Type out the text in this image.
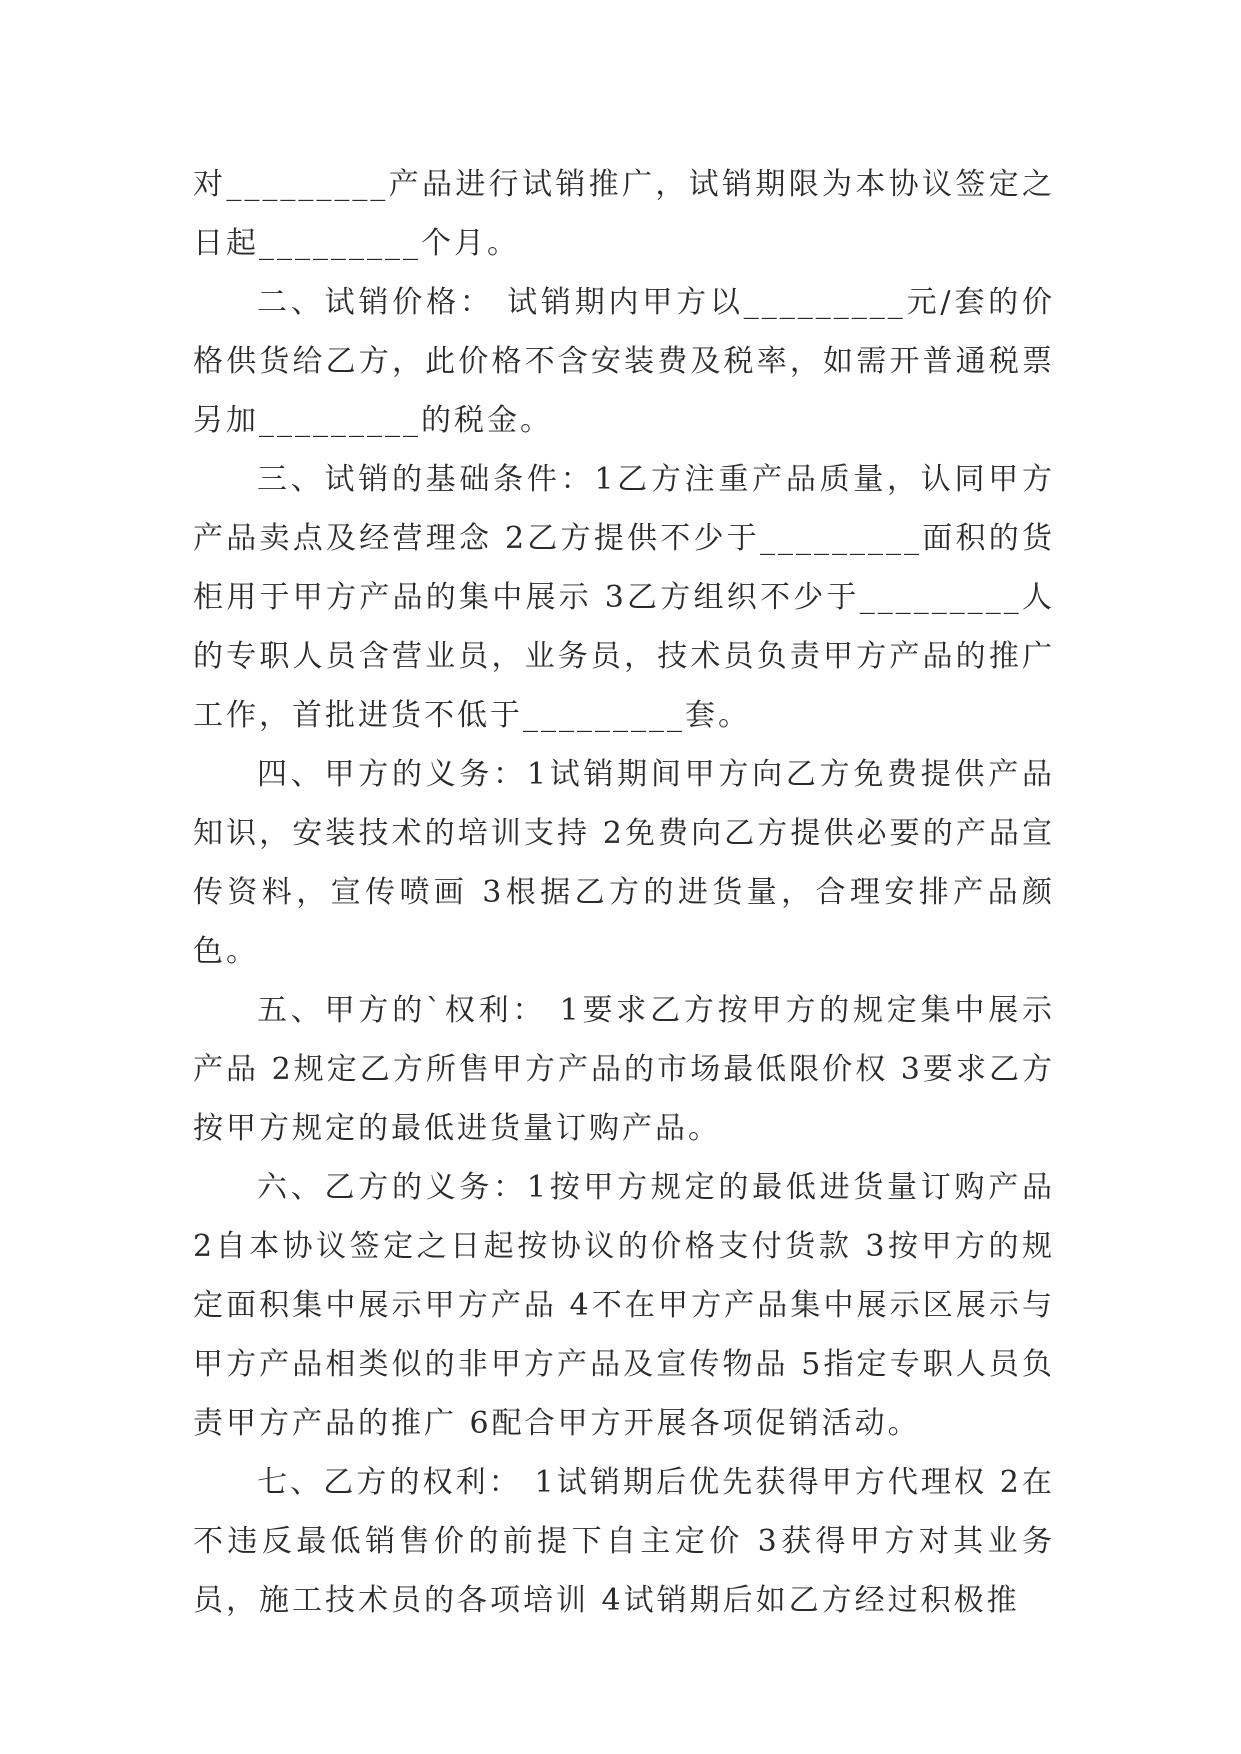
对_________产品进行试销推广，试销期限为本协议签定之日起_________个月。

二、试销价格： 试销期内甲方以_________元/套的价格供货给乙方，此价格不含安装费及税率，如需开普通税票另加_________的税金。

三、试销的基础条件：1乙方注重产品质量，认同甲方产品卖点及经营理念 2乙方提供不少于_________面积的货柜用于甲方产品的集中展示 3乙方组织不少于_________人的专职人员含营业员，业务员，技术员负责甲方产品的推广工作，首批进货不低于_________套。

四、甲方的义务：1试销期间甲方向乙方免费提供产品知识，安装技术的培训支持 2免费向乙方提供必要的产品宣传资料，宣传喷画 3根据乙方的进货量，合理安排产品颜色。

五、甲方的`权利： 1要求乙方按甲方的规定集中展示产品 2规定乙方所售甲方产品的市场最低限价权 3要求乙方按甲方规定的最低进货量订购产品。

六、乙方的义务：1按甲方规定的最低进货量订购产品 2自本协议签定之日起按协议的价格支付货款 3按甲方的规定面积集中展示甲方产品 4不在甲方产品集中展示区展示与甲方产品相类似的非甲方产品及宣传物品 5指定专职人员负责甲方产品的推广 6配合甲方开展各项促销活动。

七、乙方的权利： 1试销期后优先获得甲方代理权 2在不违反最低销售价的前提下自主定价 3获得甲方对其业务员，施工技术员的各项培训 4试销期后如乙方经过积极推
